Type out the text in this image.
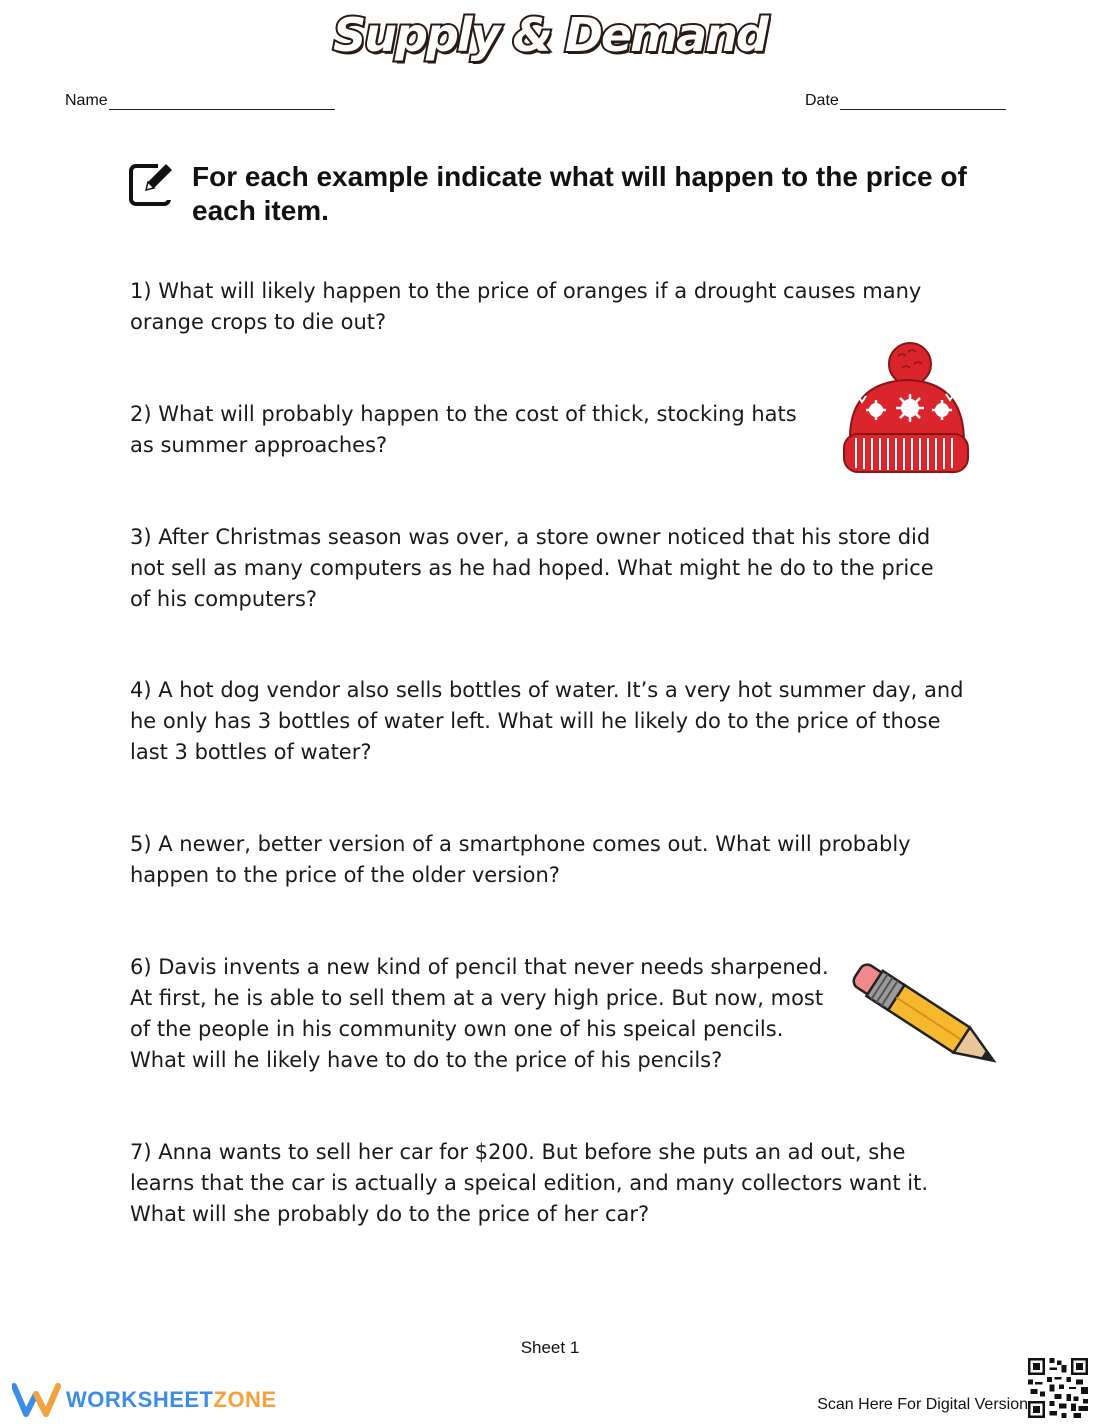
Supply & Demand
Name	Date
For each example indicate what will happen to the price of each item.
1) What will likely happen to the price of oranges if a drought causes many orange crops to die out?
2) What will probably happen to the cost of thick, stocking hats as summer approaches?
3) After Christmas season was over, a store owner noticed that his store did not sell as many computers as he had hoped. What might he do to the price of his computers?
4) A hot dog vendor also sells bottles of water. It’s a very hot summer day, and he only has 3 bottles of water left. What will he likely do to the price of those last 3 bottles of water?
5) A newer, better version of a smartphone comes out. What will probably happen to the price of the older version?
6) Davis invents a new kind of pencil that never needs sharpened. At first, he is able to sell them at a very high price. But now, most of the people in his community own one of his speical pencils. What will he likely have to do to the price of his pencils?
7) Anna wants to sell her car for $200. But before she puts an ad out, she learns that the car is actually a speical edition, and many collectors want it. What will she probably do to the price of her car?
Sheet 1
WORKSHEETZONE	Scan Here For Digital Version
